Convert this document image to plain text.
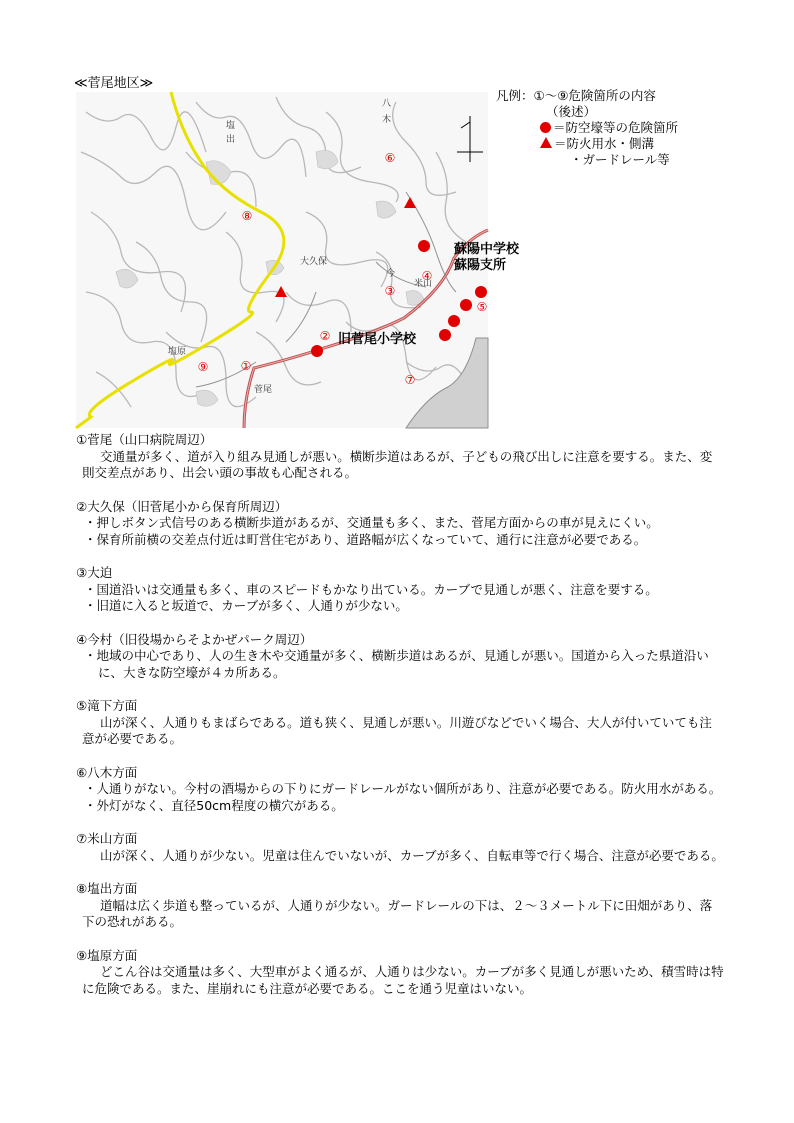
≪菅尾地区≫
八
木
塩
出
大久保
今
米山
塩原
菅尾
①
②
③
④
⑤
⑥
⑦
⑧
⑨
蘇陽中学校
蘇陽支所
旧菅尾小学校
凡例：①～⑨危険箇所の内容
（後述）
＝防空壕等の危険箇所
＝防火用水・側溝
・ガードレール等
①菅尾（山口病院周辺）
交通量が多く、道が入り組み見通しが悪い。横断歩道はあるが、子どもの飛び出しに注意を要する。また、変則交差点があり、出会い頭の事故も心配される。
②大久保（旧菅尾小から保育所周辺）
・押しボタン式信号のある横断歩道があるが、交通量も多く、また、菅尾方面からの車が見えにくい。
・保育所前横の交差点付近は町営住宅があり、道路幅が広くなっていて、通行に注意が必要である。
③大迫
・国道沿いは交通量も多く、車のスピードもかなり出ている。カーブで見通しが悪く、注意を要する。
・旧道に入ると坂道で、カーブが多く、人通りが少ない。
④今村（旧役場からそよかぜパーク周辺）
・地域の中心であり、人の生き木や交通量が多く、横断歩道はあるが、見通しが悪い。国道から入った県道沿いに、大きな防空壕が４カ所ある。
⑤滝下方面
山が深く、人通りもまばらである。道も狭く、見通しが悪い。川遊びなどでいく場合、大人が付いていても注意が必要である。
⑥八木方面
・人通りがない。今村の酒場からの下りにガードレールがない個所があり、注意が必要である。防火用水がある。
・外灯がなく、直径50cm程度の横穴がある。
⑦米山方面
山が深く、人通りが少ない。児童は住んでいないが、カーブが多く、自転車等で行く場合、注意が必要である。
⑧塩出方面
道幅は広く歩道も整っているが、人通りが少ない。ガードレールの下は、２～３メートル下に田畑があり、落下の恐れがある。
⑨塩原方面
どこん谷は交通量は多く、大型車がよく通るが、人通りは少ない。カーブが多く見通しが悪いため、積雪時は特に危険である。また、崖崩れにも注意が必要である。ここを通う児童はいない。
